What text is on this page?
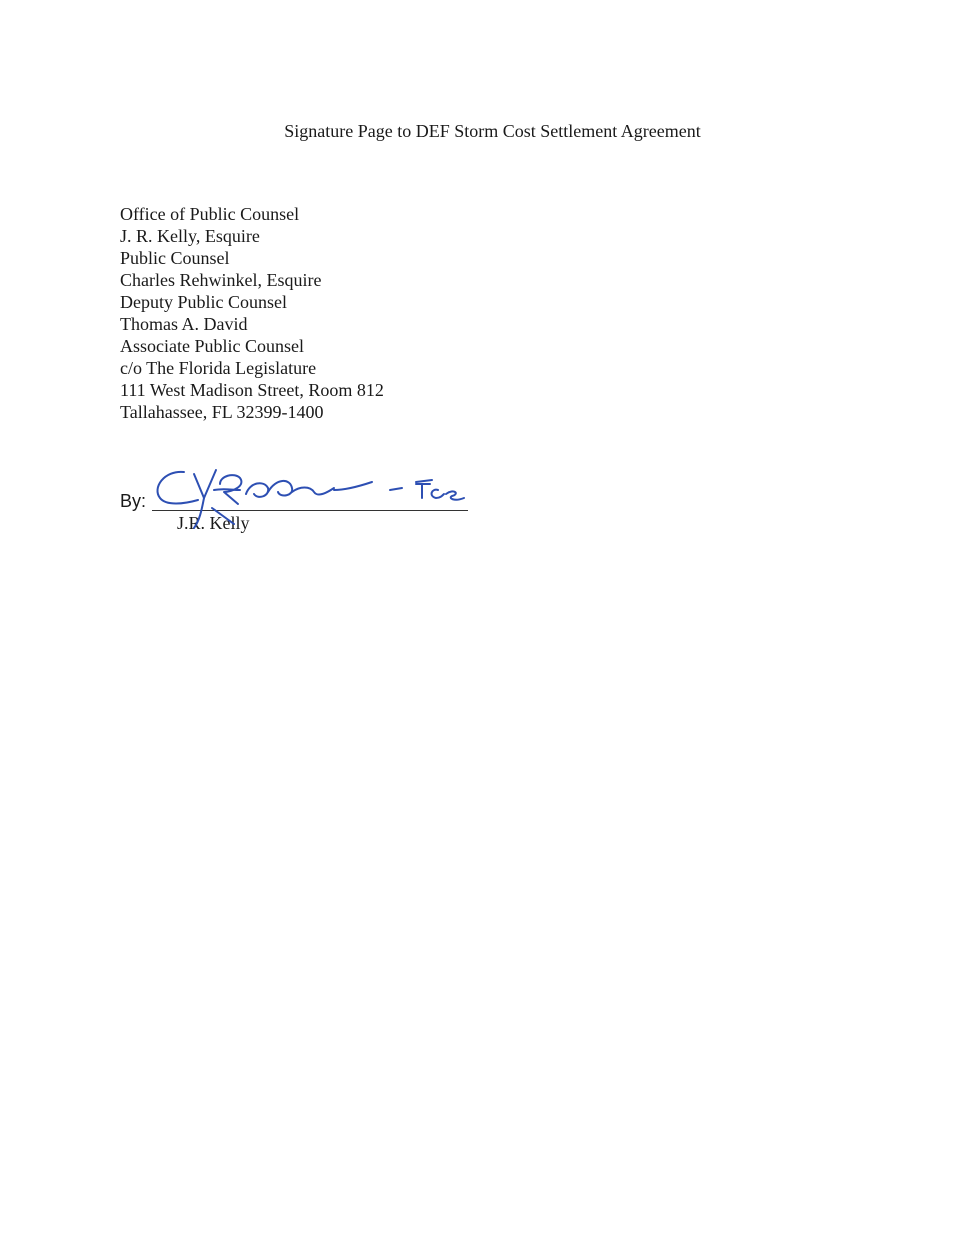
Signature Page to DEF Storm Cost Settlement Agreement
Office of Public Counsel
J. R. Kelly, Esquire
Public Counsel
Charles Rehwinkel, Esquire
Deputy Public Counsel
Thomas A. David
Associate Public Counsel
c/o The Florida Legislature
111 West Madison Street, Room 812
Tallahassee, FL 32399-1400
By:
J.R. Kelly
